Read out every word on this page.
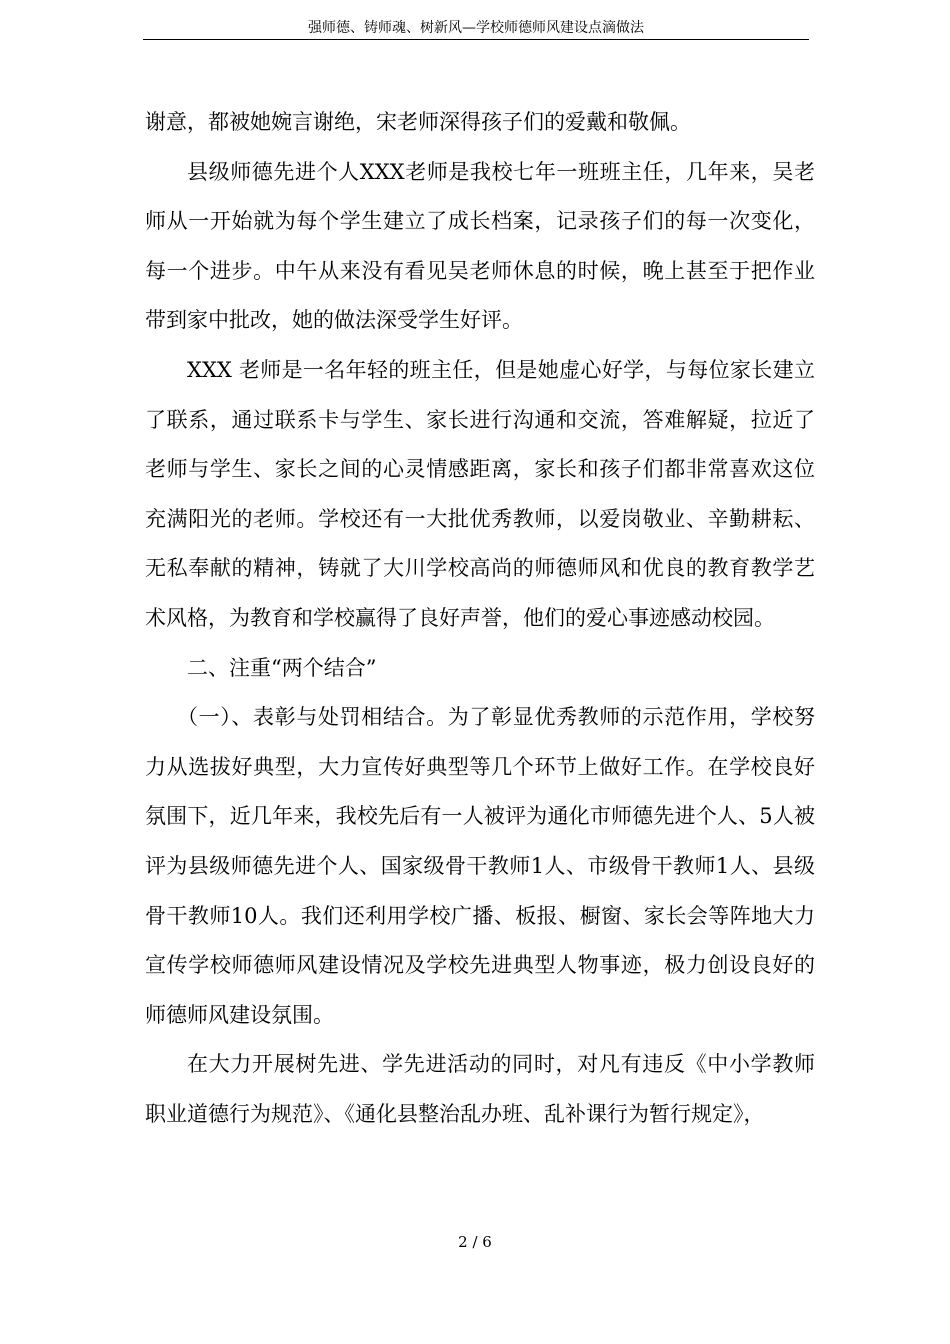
强师德、铸师魂、树新风—学校师德师风建设点滴做法

谢意，都被她婉言谢绝，宋老师深得孩子们的爱戴和敬佩。

县级师德先进个人XXX老师是我校七年一班班主任，几年来，吴老师从一开始就为每个学生建立了成长档案，记录孩子们的每一次变化，每一个进步。中午从来没有看见吴老师休息的时候，晚上甚至于把作业带到家中批改，她的做法深受学生好评。

XXX 老师是一名年轻的班主任，但是她虚心好学，与每位家长建立了联系，通过联系卡与学生、家长进行沟通和交流，答难解疑，拉近了老师与学生、家长之间的心灵情感距离，家长和孩子们都非常喜欢这位充满阳光的老师。学校还有一大批优秀教师，以爱岗敬业、辛勤耕耘、无私奉献的精神，铸就了大川学校高尚的师德师风和优良的教育教学艺术风格，为教育和学校赢得了良好声誉，他们的爱心事迹感动校园。

二、注重“两个结合”

（一）、表彰与处罚相结合。为了彰显优秀教师的示范作用，学校努力从选拔好典型，大力宣传好典型等几个环节上做好工作。在学校良好氛围下，近几年来，我校先后有一人被评为通化市师德先进个人、5人被评为县级师德先进个人、国家级骨干教师1人、市级骨干教师1人、县级骨干教师10人。我们还利用学校广播、板报、橱窗、家长会等阵地大力宣传学校师德师风建设情况及学校先进典型人物事迹，极力创设良好的师德师风建设氛围。

在大力开展树先进、学先进活动的同时，对凡有违反《中小学教师职业道德行为规范》、《通化县整治乱办班、乱补课行为暂行规定》，

2 / 6
